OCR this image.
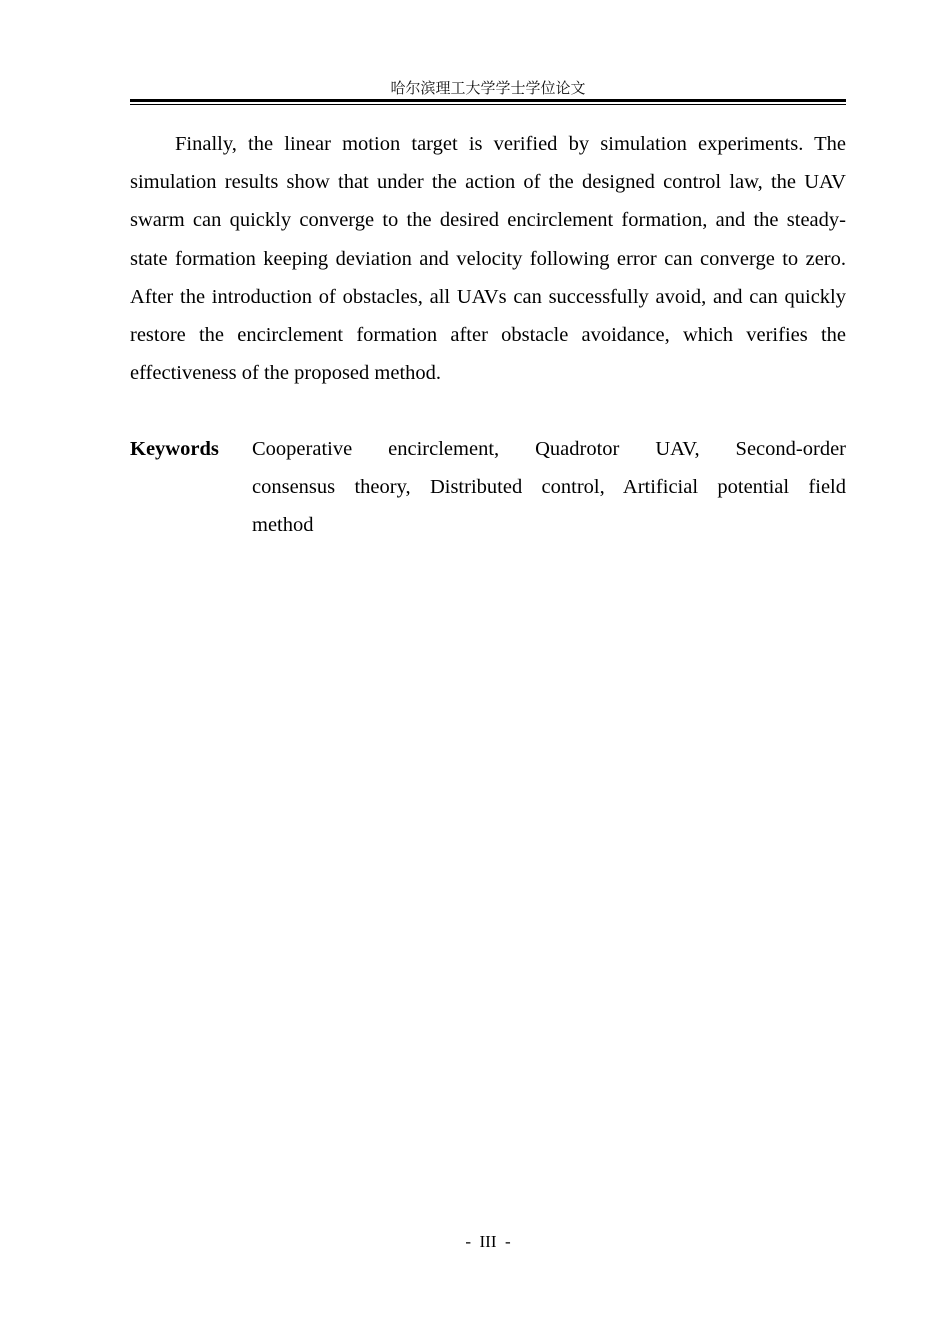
哈尔滨理工大学学士学位论文

Finally, the linear motion target is verified by simulation experiments. The simulation results show that under the action of the designed control law, the UAV swarm can quickly converge to the desired encirclement formation, and the steady-state formation keeping deviation and velocity following error can converge to zero. After the introduction of obstacles, all UAVs can successfully avoid, and can quickly restore the encirclement formation after obstacle avoidance, which verifies the effectiveness of the proposed method.

Keywords Cooperative encirclement, Quadrotor UAV, Second-order consensus theory, Distributed control, Artificial potential field method

-  III  -
